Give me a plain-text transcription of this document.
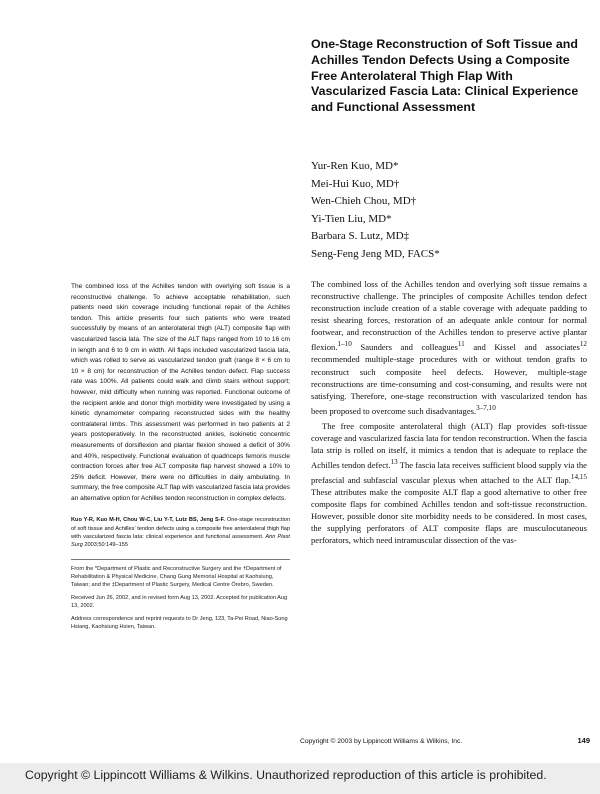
One-Stage Reconstruction of Soft Tissue and Achilles Tendon Defects Using a Composite Free Anterolateral Thigh Flap With Vascularized Fascia Lata: Clinical Experience and Functional Assessment
Yur-Ren Kuo, MD*
Mei-Hui Kuo, MD†
Wen-Chieh Chou, MD†
Yi-Tien Liu, MD*
Barbara S. Lutz, MD‡
Seng-Feng Jeng MD, FACS*

The combined loss of the Achilles tendon with overlying soft tissue is a reconstructive challenge. To achieve acceptable rehabilitation, such patients need skin coverage including functional repair of the Achilles tendon. This article presents four such patients who were treated successfully by means of an anterolateral thigh (ALT) composite flap with vascularized fascia lata. The size of the ALT flaps ranged from 10 to 16 cm in length and 6 to 9 cm in width. All flaps included vascularized fascia lata, which was rolled to serve as vascularized tendon graft (range 8 × 6 cm to 10 × 8 cm) for reconstruction of the Achilles tendon defect. Flap success rate was 100%. All patients could walk and climb stairs without support; however, mild difficulty when running was reported. Functional outcome of the recipient ankle and donor thigh morbidity were investigated by using a kinetic dynamometer comparing reconstructed sides with the healthy contralateral limbs. This assessment was performed in two patients at 2 years postoperatively. In the reconstructed ankles, isokinetic concentric measurements of dorsiflexion and plantar flexion showed a deficit of 30% and 40%, respectively. Functional evaluation of quadriceps femoris muscle contraction forces after free ALT composite flap harvest showed a 10% to 25% deficit. However, there were no difficulties in daily ambulating. In summary, the free composite ALT flap with vascularized fascia lata provides an alternative option for Achilles tendon reconstruction in complex defects.

Kuo Y-R, Kuo M-H, Chou W-C, Liu Y-T, Lutz BS, Jeng S-F. One-stage reconstruction of soft tissue and Achilles' tendon defects using a composite free anterolateral thigh flap with vascularized fascia lata: clinical experience and functional assessment. Ann Plast Surg 2003;50:149–155

From the *Department of Plastic and Reconstructive Surgery and the †Department of Rehabilitation & Physical Medicine, Chang Gung Memorial Hospital at Kaohsiung, Taiwan; and the ‡Department of Plastic Surgery, Medical Centre Örebro, Sweden.

Received Jun 26, 2002, and in revised form Aug 13, 2002. Accepted for publication Aug 13, 2002.

Address correspondence and reprint requests to Dr Jeng, 123, Ta-Pei Road, Niao-Sung Hsiang, Kaohsiung Hsien, Taiwan.

The combined loss of the Achilles tendon and overlying soft tissue remains a reconstructive challenge. The principles of composite Achilles tendon defect reconstruction include creation of a stable coverage with adequate padding to resist shearing forces, restoration of an adequate ankle contour for normal footwear, and reconstruction of the Achilles tendon to preserve active plantar flexion.$^{1-10}$ Saunders and colleagues$^{11}$ and Kissel and associates$^{12}$ recommended multiple-stage procedures with or without tendon grafts to reconstruct such composite heel defects. However, multiple-stage reconstructions are time-consuming and cost-consuming, and results were not satisfying. Therefore, one-stage reconstruction with vascularized tendon has been proposed to overcome such disadvantages.$^{3-7,10}$

The free composite anterolateral thigh (ALT) flap provides soft-tissue coverage and vascularized fascia lata for tendon reconstruction. When the fascia lata strip is rolled on itself, it mimics a tendon that is adequate to replace the Achilles tendon defect.$^{13}$ The fascia lata receives sufficient blood supply via the prefascial and subfascial vascular plexus when attached to the ALT flap.$^{14,15}$ These attributes make the composite ALT flap a good alternative to other free composite flaps for combined Achilles tendon and soft-tissue reconstruction. However, possible donor site morbidity needs to be considered. In most cases, the supplying perforators of ALT composite flaps are musculocutaneous perforators, which need intramuscular dissection of the vas-

Copyright © 2003 by Lippincott Williams & Wilkins, Inc.	149
Copyright © Lippincott Williams & Wilkins. Unauthorized reproduction of this article is prohibited.
